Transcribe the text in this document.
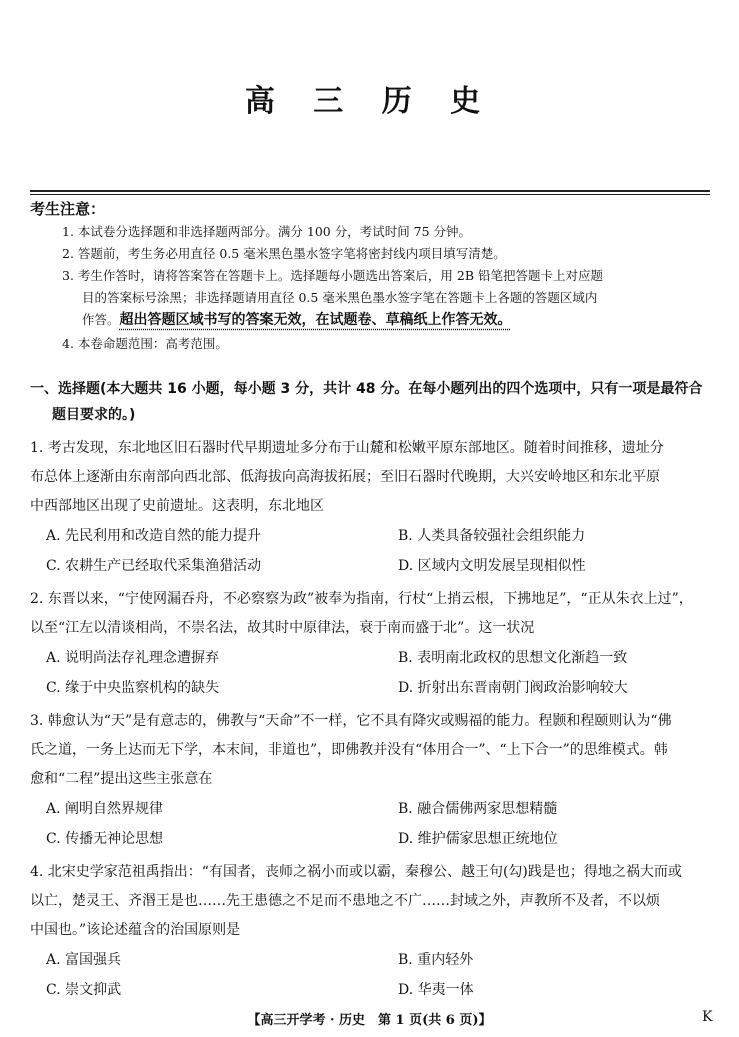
高 三 历 史
考生注意：
1. 本试卷分选择题和非选择题两部分。满分 100 分，考试时间 75 分钟。
2. 答题前，考生务必用直径 0.5 毫米黑色墨水签字笔将密封线内项目填写清楚。
3. 考生作答时，请将答案答在答题卡上。选择题每小题选出答案后，用 2B 铅笔把答题卡上对应题
目的答案标号涂黑；非选择题请用直径 0.5 毫米黑色墨水签字笔在答题卡上各题的答题区域内
作答。超出答题区域书写的答案无效，在试题卷、草稿纸上作答无效。
4. 本卷命题范围：高考范围。
一、选择题(本大题共 16 小题，每小题 3 分，共计 48 分。在每小题列出的四个选项中，只有一项是最符合
题目要求的。)
1. 考古发现，东北地区旧石器时代早期遗址多分布于山麓和松嫩平原东部地区。随着时间推移，遗址分
布总体上逐渐由东南部向西北部、低海拔向高海拔拓展；至旧石器时代晚期，大兴安岭地区和东北平原
中西部地区出现了史前遗址。这表明，东北地区
A. 先民利用和改造自然的能力提升	B. 人类具备较强社会组织能力
C. 农耕生产已经取代采集渔猎活动	D. 区域内文明发展呈现相似性
2. 东晋以来，“宁使网漏吞舟，不必察察为政”被奉为指南，行杖“上捎云根，下拂地足”，“正从朱衣上过”，
以至“江左以清谈相尚，不崇名法，故其时中原律法，衰于南而盛于北”。这一状况
A. 说明尚法存礼理念遭摒弃	B. 表明南北政权的思想文化渐趋一致
C. 缘于中央监察机构的缺失	D. 折射出东晋南朝门阀政治影响较大
3. 韩愈认为“天”是有意志的，佛教与“天命”不一样，它不具有降灾或赐福的能力。程颢和程颐则认为“佛
氏之道，一务上达而无下学，本末间，非道也”，即佛教并没有“体用合一”、“上下合一”的思维模式。韩
愈和“二程”提出这些主张意在
A. 阐明自然界规律	B. 融合儒佛两家思想精髓
C. 传播无神论思想	D. 维护儒家思想正统地位
4. 北宋史学家范祖禹指出：“有国者，丧师之祸小而或以霸，秦穆公、越王句(勾)践是也；得地之祸大而或
以亡，楚灵王、齐湣王是也……先王患德之不足而不患地之不广……封域之外，声教所不及者，不以烦
中国也。”该论述蕴含的治国原则是
A. 富国强兵	B. 重内轻外
C. 崇文抑武	D. 华夷一体
【高三开学考 · 历史　第 1 页(共 6 页)】	K
